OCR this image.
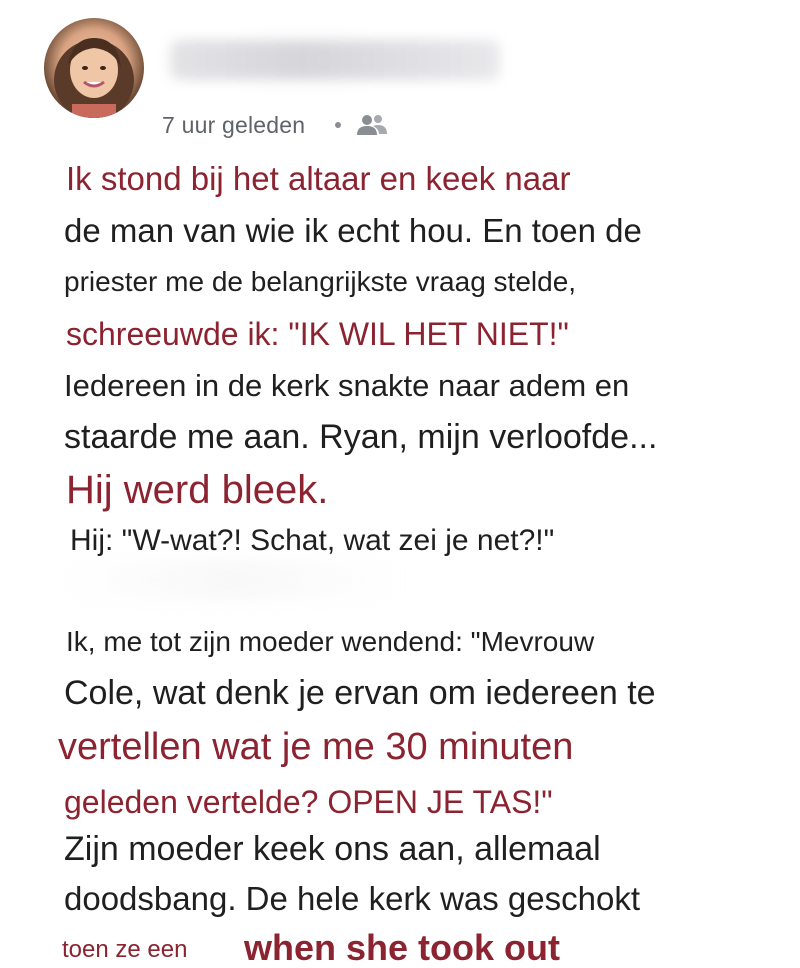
7 uur geleden
Ik stond bij het altaar en keek naar
de man van wie ik echt hou. En toen de
priester me de belangrijkste vraag stelde,
schreeuwde ik: "IK WIL HET NIET!"
Iedereen in de kerk snakte naar adem en
staarde me aan. Ryan, mijn verloofde...
Hij werd bleek.
Hij: "W-wat?! Schat, wat zei je net?!"
Ik, me tot zijn moeder wendend: "Mevrouw
Cole, wat denk je ervan om iedereen te
vertellen wat je me 30 minuten
geleden vertelde? OPEN JE TAS!"
Zijn moeder keek ons aan, allemaal
doodsbang. De hele kerk was geschokt
toen ze een when she took out
